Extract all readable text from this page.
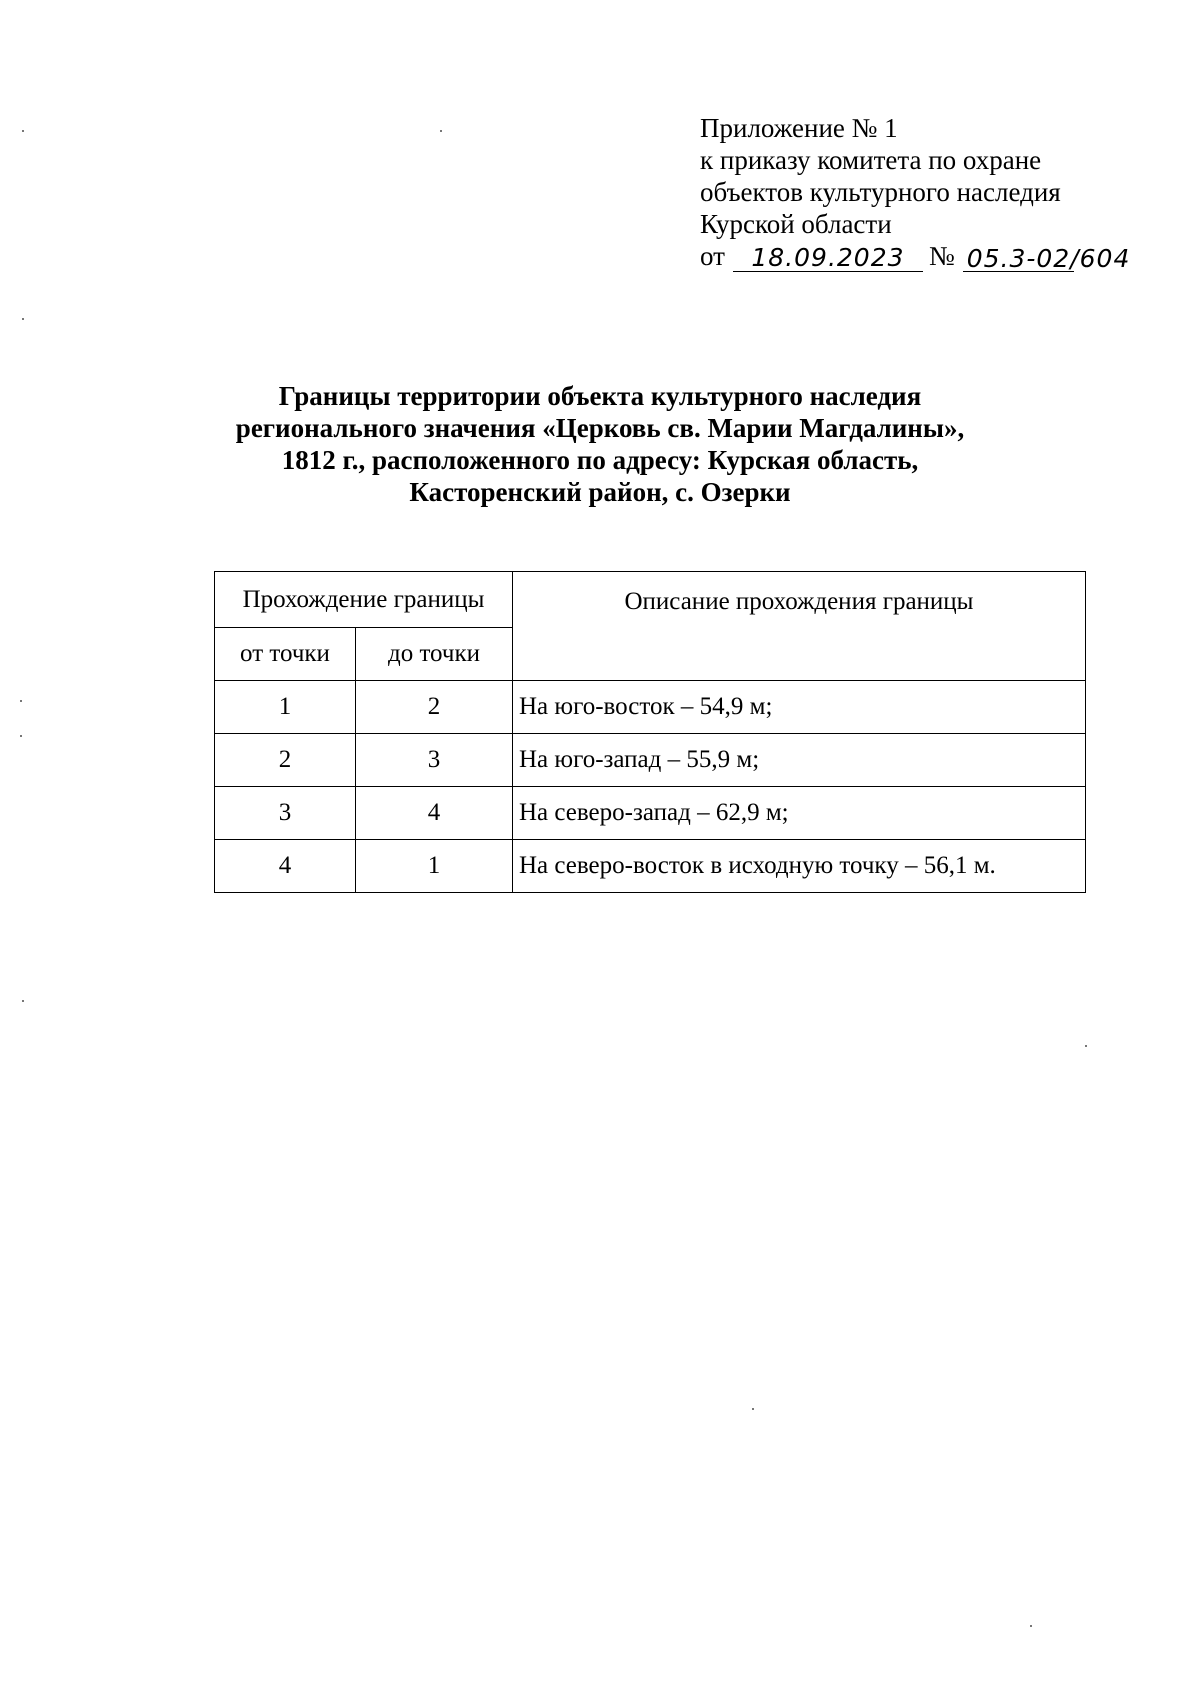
Приложение № 1
к приказу комитета по охране
объектов культурного наследия
Курской области
от	18.09.2023 № 05.3-02/604
Границы территории объекта культурного наследия
регионального значения «Церковь св. Марии Магдалины»,
1812 г., расположенного по адресу: Курская область,
Касторенский район, с. Озерки
Прохождение границы		Описание прохождения границы
от точки	до точки	
1	2	На юго-восток – 54,9 м;
2	3	На юго-запад – 55,9 м;
3	4	На северо-запад – 62,9 м;
4	1	На северо-восток в исходную точку – 56,1 м.
